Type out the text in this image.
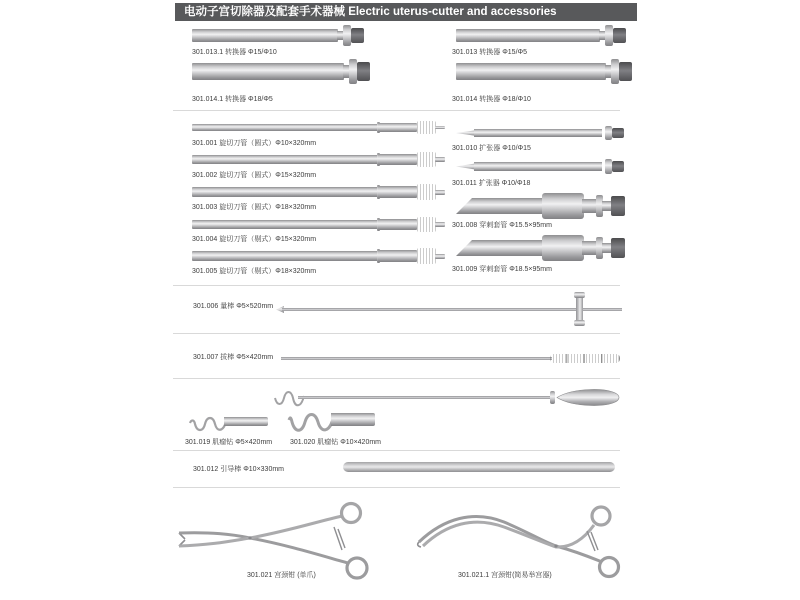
电动子宫切除器及配套手术器械 Electric uterus-cutter and accessories
301.013.1 转换器 Φ15/Φ10
301.014.1 转换器 Φ18/Φ5
301.013 转换器 Φ15/Φ5
301.014 转换器 Φ18/Φ10
301.001 旋切刀管（圆式）Φ10×320mm
301.002 旋切刀管（圆式）Φ15×320mm
301.003 旋切刀管（圆式）Φ18×320mm
301.004 旋切刀管（剔式）Φ15×320mm
301.005 旋切刀管（剔式）Φ18×320mm
301.010 扩张器 Φ10/Φ15
301.011 扩张器 Φ10/Φ18
301.008 穿刺套管 Φ15.5×95mm
301.009 穿刺套管 Φ18.5×95mm
301.006 量棒 Φ5×520mm
301.007 拔棒 Φ5×420mm
301.019 肌瘤钻 Φ5×420mm	301.020 肌瘤钻 Φ10×420mm
301.012 引导棒 Φ10×330mm
301.021 宫颈钳 (单爪)	301.021.1 宫颈钳(简易举宫器)
